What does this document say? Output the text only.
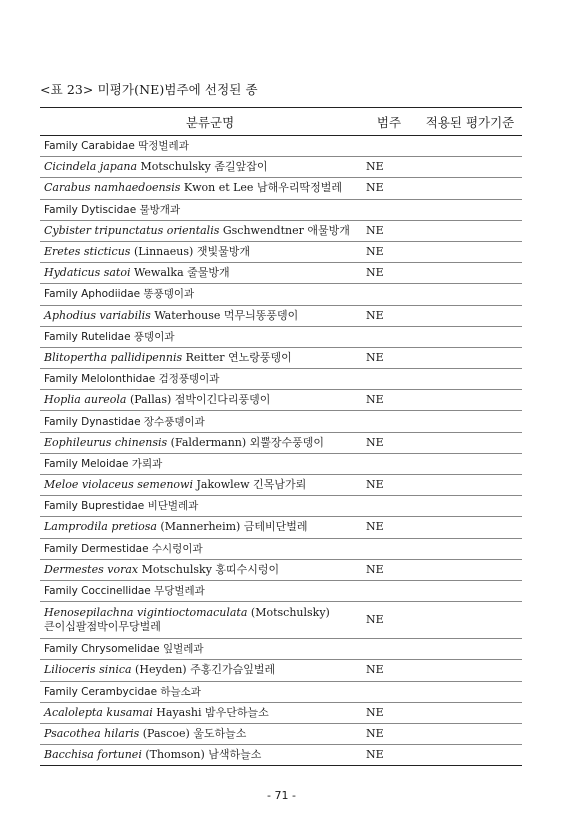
<표 23> 미평가(NE)범주에 선정된 종
분류군명	범주	적용된 평가기준
Family Carabidae 딱정벌레과		
Cicindela japana Motschulsky 좀길앞잡이	NE	
Carabus namhaedoensis Kwon et Lee 남해우리딱정벌레	NE	
Family Dytiscidae 물방개과		
Cybister tripunctatus orientalis Gschwendtner 애물방개	NE	
Eretes sticticus (Linnaeus) 잿빛물방개	NE	
Hydaticus satoi Wewalka 줄물방개	NE	
Family Aphodiidae 똥풍뎅이과		
Aphodius variabilis Waterhouse 먹무늬똥풍뎅이	NE	
Family Rutelidae 풍뎅이과		
Blitopertha pallidipennis Reitter 연노랑풍뎅이	NE	
Family Melolonthidae 검정풍뎅이과		
Hoplia aureola (Pallas) 점박이긴다리풍뎅이	NE	
Family Dynastidae 장수풍뎅이과		
Eophileurus chinensis (Faldermann) 외뿔장수풍뎅이	NE	
Family Meloidae 가뢰과		
Meloe violaceus semenowi Jakowlew 긴목남가뢰	NE	
Family Buprestidae 비단벌레과		
Lamprodila pretiosa (Mannerheim) 금테비단벌레	NE	
Family Dermestidae 수시렁이과		
Dermestes vorax Motschulsky 홍띠수시렁이	NE	
Family Coccinellidae 무당벌레과		
Henosepilachna vigintioctomaculata (Motschulsky)
큰이십팔점박이무당벌레	NE	
Family Chrysomelidae 잎벌레과		
Lilioceris sinica (Heyden) 주홍긴가슴잎벌레	NE	
Family Cerambycidae 하늘소과		
Acalolepta kusamai Hayashi 밤우단하늘소	NE	
Psacothea hilaris (Pascoe) 울도하늘소	NE	
Bacchisa fortunei (Thomson) 남색하늘소	NE	
- 71 -
